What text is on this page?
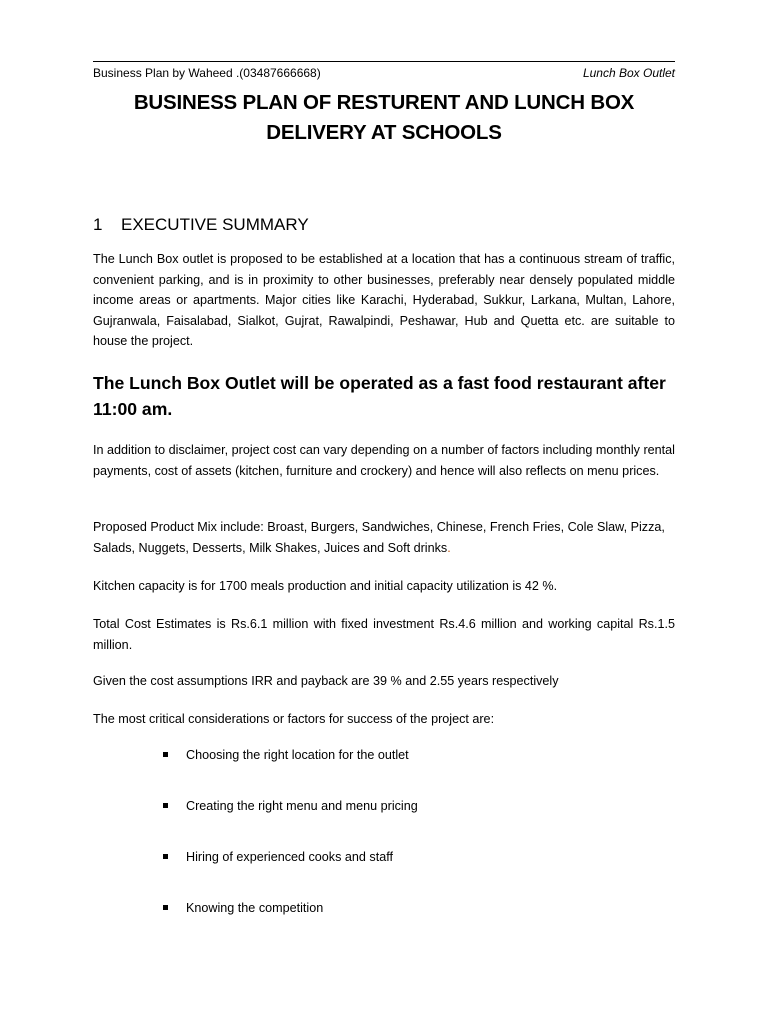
Business Plan by Waheed .(03487666668)	Lunch Box Outlet
BUSINESS PLAN OF RESTURENT AND LUNCH BOX
DELIVERY AT SCHOOLS
1 EXECUTIVE SUMMARY

The Lunch Box outlet is proposed to be established at a location that has a continuous stream of traffic, convenient parking, and is in proximity to other businesses, preferably near densely populated middle income areas or apartments. Major cities like Karachi, Hyderabad, Sukkur, Larkana, Multan, Lahore, Gujranwala, Faisalabad, Sialkot, Gujrat, Rawalpindi, Peshawar, Hub and Quetta etc. are suitable to house the project.

The Lunch Box Outlet will be operated as a fast food restaurant after 11:00 am.

In addition to disclaimer, project cost can vary depending on a number of factors including monthly rental payments, cost of assets (kitchen, furniture and crockery) and hence will also reflects on menu prices.

Proposed Product Mix include: Broast, Burgers, Sandwiches, Chinese, French Fries, Cole Slaw, Pizza, Salads, Nuggets, Desserts, Milk Shakes, Juices and Soft drinks.

Kitchen capacity is for 1700 meals production and initial capacity utilization is 42 %.

Total Cost Estimates is Rs.6.1 million with fixed investment Rs.4.6 million and working capital Rs.1.5 million.

Given the cost assumptions IRR and payback are 39 % and 2.55 years respectively

The most critical considerations or factors for success of the project are:

Choosing the right location for the outlet
Creating the right menu and menu pricing
Hiring of experienced cooks and staff
Knowing the competition
